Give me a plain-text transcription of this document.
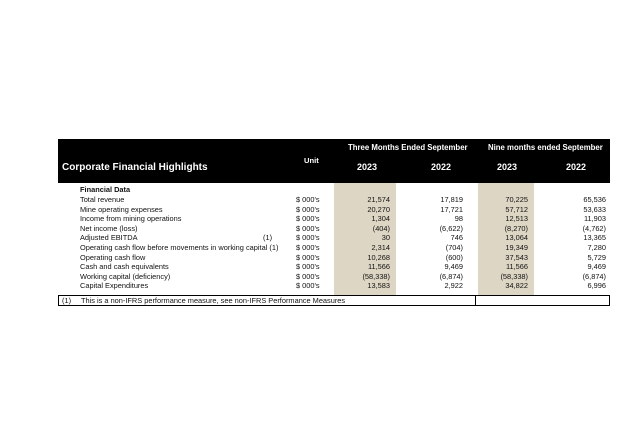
Corporate Financial Highlights
Unit
Three Months Ended September	Nine months ended September
2023	2022	2023	2022
Financial Data
Total revenue	$ 000's	21,574	17,819	70,225	65,536
Mine operating expenses	$ 000's	20,270	17,721	57,712	53,633
Income from mining operations	$ 000's	1,304	98	12,513	11,903
Net income (loss)	$ 000's	(404)	(6,622)	(8,270)	(4,762)
Adjusted EBITDA	(1)	$ 000's	30	746	13,064	13,365
Operating cash flow before movements in working capital (1)	$ 000's	2,314	(704)	19,349	7,280
Operating cash flow	$ 000's	10,268	(600)	37,543	5,729
Cash and cash equivalents	$ 000's	11,566	9,469	11,566	9,469
Working capital (deficiency)	$ 000's	(58,338)	(6,874)	(58,338)	(6,874)
Capital Expenditures	$ 000's	13,583	2,922	34,822	6,996
(1) This is a non-IFRS performance measure, see non-IFRS Performance Measures
